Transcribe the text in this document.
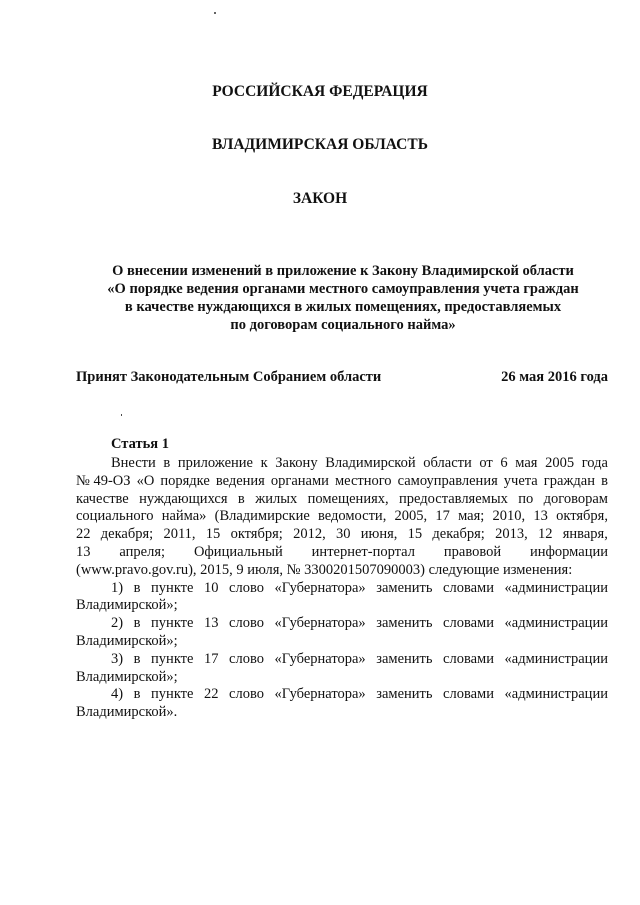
РОССИЙСКАЯ ФЕДЕРАЦИЯ
ВЛАДИМИРСКАЯ ОБЛАСТЬ
ЗАКОН
О внесении изменений в приложение к Закону Владимирской области
«О порядке ведения органами местного самоуправления учета граждан
в качестве нуждающихся в жилых помещениях, предоставляемых
по договорам социального найма»
Принят Законодательным Собранием области	26 мая 2016 года
Статья 1
Внести в приложение к Закону Владимирской области от 6 мая 2005 года
№ 49-ОЗ «О порядке ведения органами местного самоуправления учета граждан в
качестве нуждающихся в жилых помещениях, предоставляемых по договорам
социального найма» (Владимирские ведомости, 2005, 17 мая; 2010, 13 октября,
22 декабря; 2011, 15 октября; 2012, 30 июня, 15 декабря; 2013, 12 января,
13 апреля; Официальный интернет-портал правовой информации
(www.pravo.gov.ru), 2015, 9 июля, № 3300201507090003) следующие изменения:
1) в пункте 10 слово «Губернатора» заменить словами «администрации
Владимирской»;
2) в пункте 13 слово «Губернатора» заменить словами «администрации
Владимирской»;
3) в пункте 17 слово «Губернатора» заменить словами «администрации
Владимирской»;
4) в пункте 22 слово «Губернатора» заменить словами «администрации
Владимирской».
